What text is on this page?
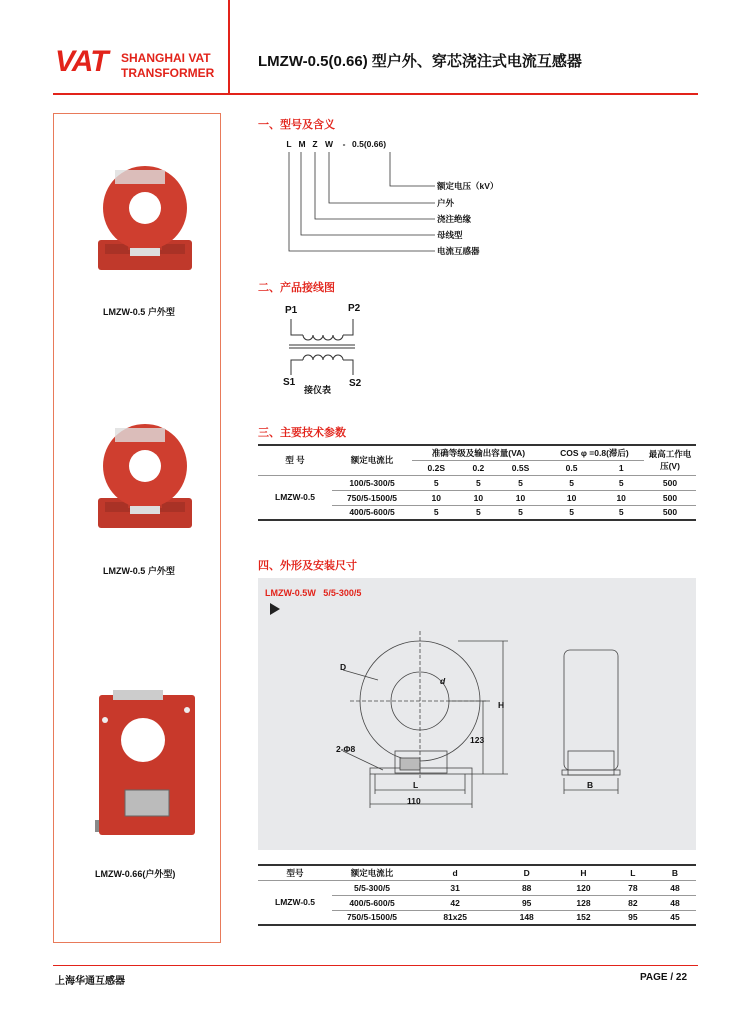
VAT SHANGHAI VAT
TRANSFORMER
LMZW-0.5(0.66) 型户外、穿芯浇注式电流互感器
LMZW-0.5 户外型
LMZW-0.5 户外型
LMZW-0.66(户外型)
一、型号及含义
L M Z W	- 0.5(0.66)
额定电压（kV）
户外
浇注绝缘
母线型
电流互感器
二、产品接线图
P1	P2
S1	S2
接仪表
三、主要技术参数
型 号	额定电流比	准确等级及输出容量(VA)			COS φ =0.8(滞后)		最高工作电压(V)
		0.2S	0.2	0.5S	0.5	1	
LMZW-0.5	100/5-300/5	5	5	5	5	5	500
	750/5-1500/5	10	10	10	10	10	500
	400/5-600/5	5	5	5	5	5	500
四、外形及安装尺寸
LMZW-0.5W   5/5-300/5
D
d
H
123
2-Φ8
L
110
B
型号	额定电流比	d	D	H	L	B
LMZW-0.5	5/5-300/5	31	88	120	78	48
	400/5-600/5	42	95	128	82	48
	750/5-1500/5	81x25	148	152	95	45
上海华通互感器	PAGE / 22
